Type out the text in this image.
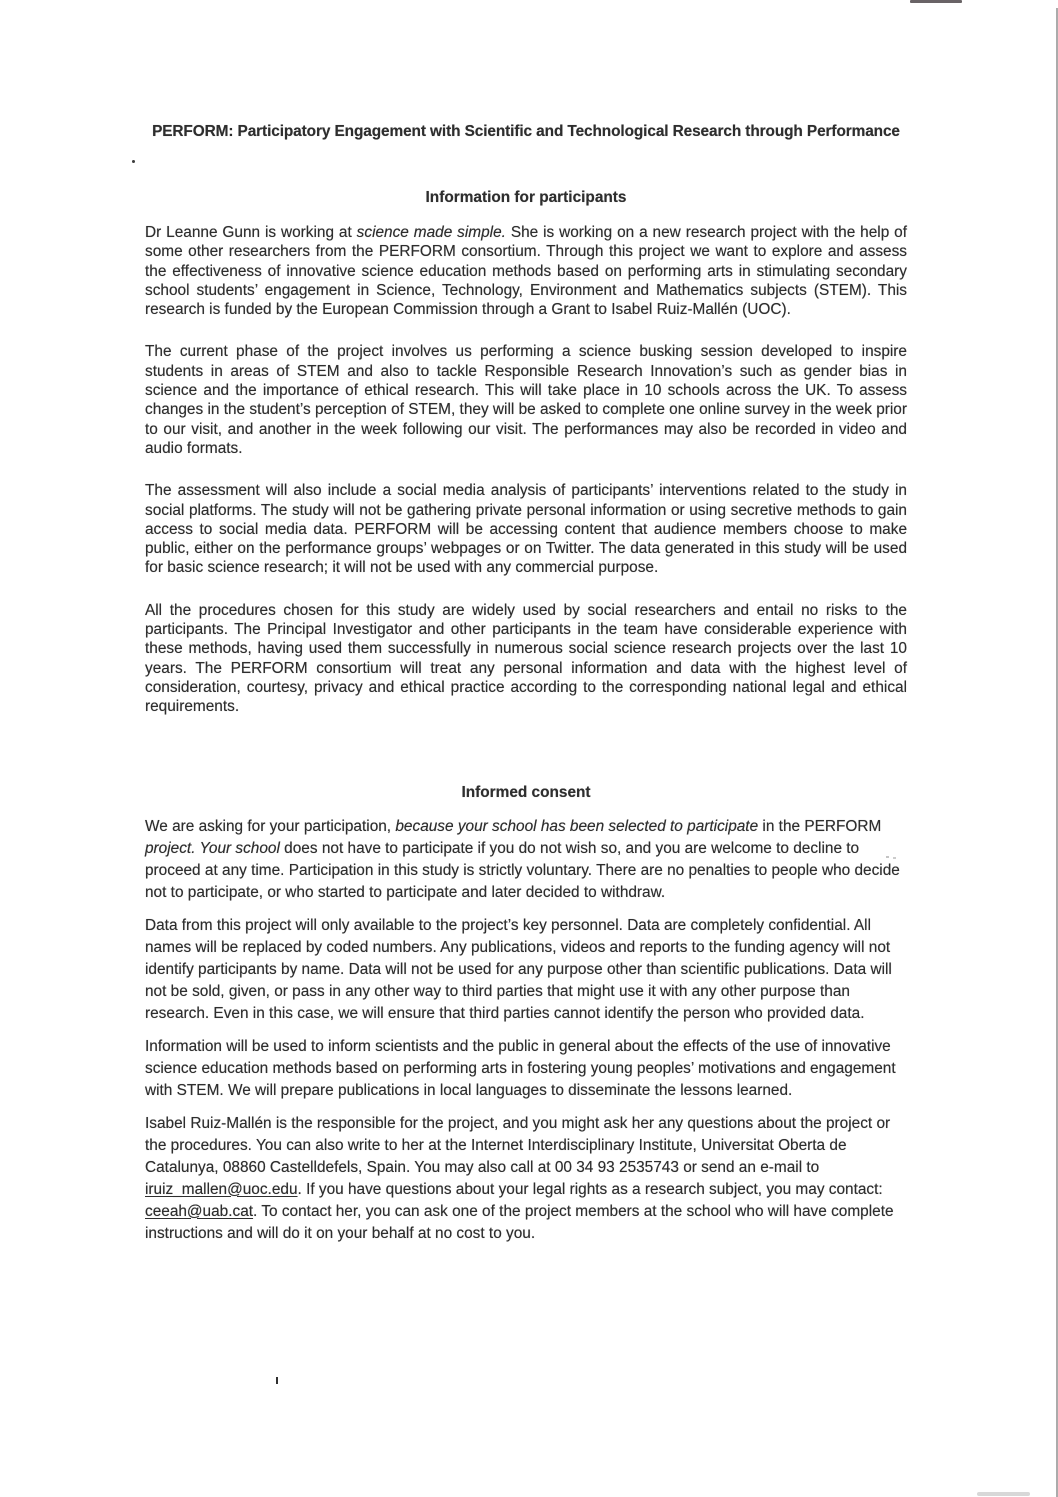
PERFORM: Participatory Engagement with Scientific and Technological Research through Performance
Information for participants
Dr Leanne Gunn is working at science made simple. She is working on a new research project with the help of some other researchers from the PERFORM consortium. Through this project we want to explore and assess the effectiveness of innovative science education methods based on performing arts in stimulating secondary school students’ engagement in Science, Technology, Environment and Mathematics subjects (STEM). This research is funded by the European Commission through a Grant to Isabel Ruiz-Mallén (UOC).
The current phase of the project involves us performing a science busking session developed to inspire students in areas of STEM and also to tackle Responsible Research Innovation’s such as gender bias in science and the importance of ethical research. This will take place in 10 schools across the UK. To assess changes in the student’s perception of STEM, they will be asked to complete one online survey in the week prior to our visit, and another in the week following our visit. The performances may also be recorded in video and audio formats.
The assessment will also include a social media analysis of participants’ interventions related to the study in social platforms. The study will not be gathering private personal information or using secretive methods to gain access to social media data. PERFORM will be accessing content that audience members choose to make public, either on the performance groups’ webpages or on Twitter. The data generated in this study will be used for basic science research; it will not be used with any commercial purpose.
All the procedures chosen for this study are widely used by social researchers and entail no risks to the participants. The Principal Investigator and other participants in the team have considerable experience with these methods, having used them successfully in numerous social science research projects over the last 10 years. The PERFORM consortium will treat any personal information and data with the highest level of consideration, courtesy, privacy and ethical practice according to the corresponding national legal and ethical requirements.
Informed consent
We are asking for your participation, because your school has been selected to participate in the PERFORM project. Your school does not have to participate if you do not wish so, and you are welcome to decline to proceed at any time. Participation in this study is strictly voluntary. There are no penalties to people who decide not to participate, or who started to participate and later decided to withdraw.
Data from this project will only available to the project’s key personnel. Data are completely confidential. All names will be replaced by coded numbers. Any publications, videos and reports to the funding agency will not identify participants by name. Data will not be used for any purpose other than scientific publications. Data will not be sold, given, or pass in any other way to third parties that might use it with any other purpose than research. Even in this case, we will ensure that third parties cannot identify the person who provided data.
Information will be used to inform scientists and the public in general about the effects of the use of innovative science education methods based on performing arts in fostering young peoples’ motivations and engagement with STEM. We will prepare publications in local languages to disseminate the lessons learned.
Isabel Ruiz-Mallén is the responsible for the project, and you might ask her any questions about the project or the procedures. You can also write to her at the Internet Interdisciplinary Institute, Universitat Oberta de Catalunya, 08860 Castelldefels, Spain. You may also call at 00 34 93 2535743 or send an e-mail to iruiz_mallen@uoc.edu. If you have questions about your legal rights as a research subject, you may contact: ceeah@uab.cat. To contact her, you can ask one of the project members at the school who will have complete instructions and will do it on your behalf at no cost to you.
